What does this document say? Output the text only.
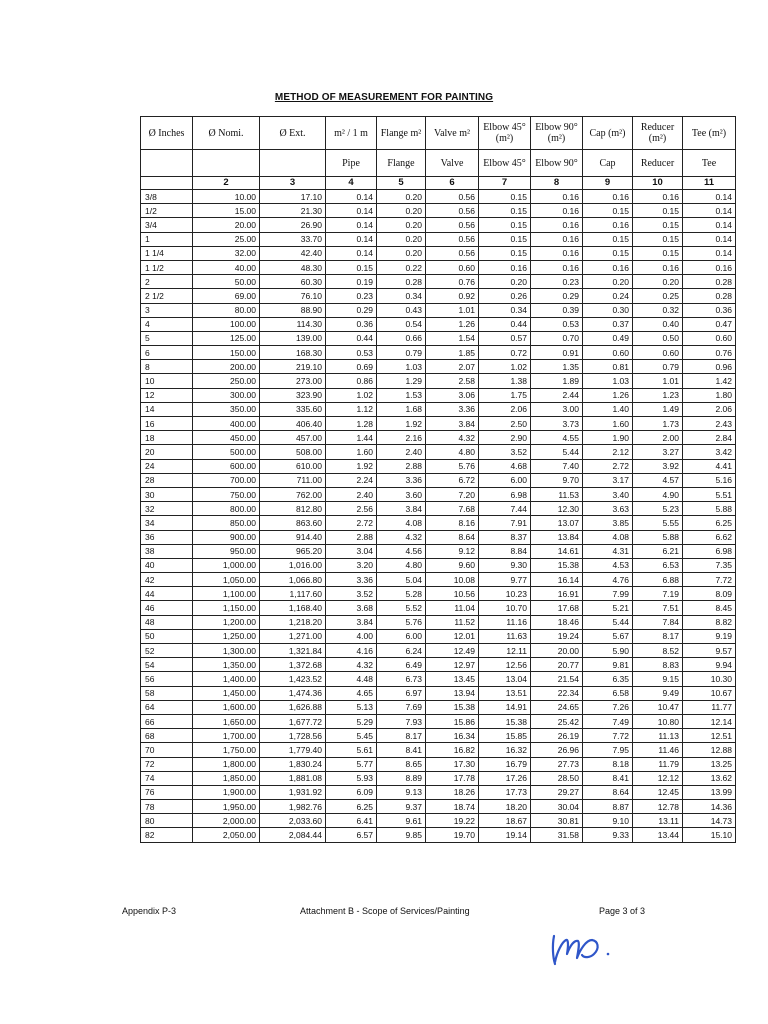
METHOD OF MEASUREMENT FOR PAINTING
Ø Inches	Ø Nomi.	Ø Ext.	m² / 1 m	Flange m²	Valve m²	Elbow 45° (m²)	Elbow 90° (m²)	Cap (m²)	Reducer (m²)	Tee (m²)
			Pipe	Flange	Valve	Elbow 45°	Elbow 90°	Cap	Reducer	Tee
	2	3	4	5	6	7	8	9	10	11
3/8	10.00	17.10	0.14	0.20	0.56	0.15	0.16	0.16	0.16	0.14
1/2	15.00	21.30	0.14	0.20	0.56	0.15	0.16	0.15	0.15	0.14
3/4	20.00	26.90	0.14	0.20	0.56	0.15	0.16	0.16	0.15	0.14
1	25.00	33.70	0.14	0.20	0.56	0.15	0.16	0.15	0.15	0.14
1 1/4	32.00	42.40	0.14	0.20	0.56	0.15	0.16	0.15	0.15	0.14
1 1/2	40.00	48.30	0.15	0.22	0.60	0.16	0.16	0.16	0.16	0.16
2	50.00	60.30	0.19	0.28	0.76	0.20	0.23	0.20	0.20	0.28
2 1/2	69.00	76.10	0.23	0.34	0.92	0.26	0.29	0.24	0.25	0.28
3	80.00	88.90	0.29	0.43	1.01	0.34	0.39	0.30	0.32	0.36
4	100.00	114.30	0.36	0.54	1.26	0.44	0.53	0.37	0.40	0.47
5	125.00	139.00	0.44	0.66	1.54	0.57	0.70	0.49	0.50	0.60
6	150.00	168.30	0.53	0.79	1.85	0.72	0.91	0.60	0.60	0.76
8	200.00	219.10	0.69	1.03	2.07	1.02	1.35	0.81	0.79	0.96
10	250.00	273.00	0.86	1.29	2.58	1.38	1.89	1.03	1.01	1.42
12	300.00	323.90	1.02	1.53	3.06	1.75	2.44	1.26	1.23	1.80
14	350.00	335.60	1.12	1.68	3.36	2.06	3.00	1.40	1.49	2.06
16	400.00	406.40	1.28	1.92	3.84	2.50	3.73	1.60	1.73	2.43
18	450.00	457.00	1.44	2.16	4.32	2.90	4.55	1.90	2.00	2.84
20	500.00	508.00	1.60	2.40	4.80	3.52	5.44	2.12	3.27	3.42
24	600.00	610.00	1.92	2.88	5.76	4.68	7.40	2.72	3.92	4.41
28	700.00	711.00	2.24	3.36	6.72	6.00	9.70	3.17	4.57	5.16
30	750.00	762.00	2.40	3.60	7.20	6.98	11.53	3.40	4.90	5.51
32	800.00	812.80	2.56	3.84	7.68	7.44	12.30	3.63	5.23	5.88
34	850.00	863.60	2.72	4.08	8.16	7.91	13.07	3.85	5.55	6.25
36	900.00	914.40	2.88	4.32	8.64	8.37	13.84	4.08	5.88	6.62
38	950.00	965.20	3.04	4.56	9.12	8.84	14.61	4.31	6.21	6.98
40	1,000.00	1,016.00	3.20	4.80	9.60	9.30	15.38	4.53	6.53	7.35
42	1,050.00	1,066.80	3.36	5.04	10.08	9.77	16.14	4.76	6.88	7.72
44	1,100.00	1,117.60	3.52	5.28	10.56	10.23	16.91	7.99	7.19	8.09
46	1,150.00	1,168.40	3.68	5.52	11.04	10.70	17.68	5.21	7.51	8.45
48	1,200.00	1,218.20	3.84	5.76	11.52	11.16	18.46	5.44	7.84	8.82
50	1,250.00	1,271.00	4.00	6.00	12.01	11.63	19.24	5.67	8.17	9.19
52	1,300.00	1,321.84	4.16	6.24	12.49	12.11	20.00	5.90	8.52	9.57
54	1,350.00	1,372.68	4.32	6.49	12.97	12.56	20.77	9.81	8.83	9.94
56	1,400.00	1,423.52	4.48	6.73	13.45	13.04	21.54	6.35	9.15	10.30
58	1,450.00	1,474.36	4.65	6.97	13.94	13.51	22.34	6.58	9.49	10.67
64	1,600.00	1,626.88	5.13	7.69	15.38	14.91	24.65	7.26	10.47	11.77
66	1,650.00	1,677.72	5.29	7.93	15.86	15.38	25.42	7.49	10.80	12.14
68	1,700.00	1,728.56	5.45	8.17	16.34	15.85	26.19	7.72	11.13	12.51
70	1,750.00	1,779.40	5.61	8.41	16.82	16.32	26.96	7.95	11.46	12.88
72	1,800.00	1,830.24	5.77	8.65	17.30	16.79	27.73	8.18	11.79	13.25
74	1,850.00	1,881.08	5.93	8.89	17.78	17.26	28.50	8.41	12.12	13.62
76	1,900.00	1,931.92	6.09	9.13	18.26	17.73	29.27	8.64	12.45	13.99
78	1,950.00	1,982.76	6.25	9.37	18.74	18.20	30.04	8.87	12.78	14.36
80	2,000.00	2,033.60	6.41	9.61	19.22	18.67	30.81	9.10	13.11	14.73
82	2,050.00	2,084.44	6.57	9.85	19.70	19.14	31.58	9.33	13.44	15.10
Appendix P-3	Attachment B - Scope of Services/Painting	Page 3 of 3
